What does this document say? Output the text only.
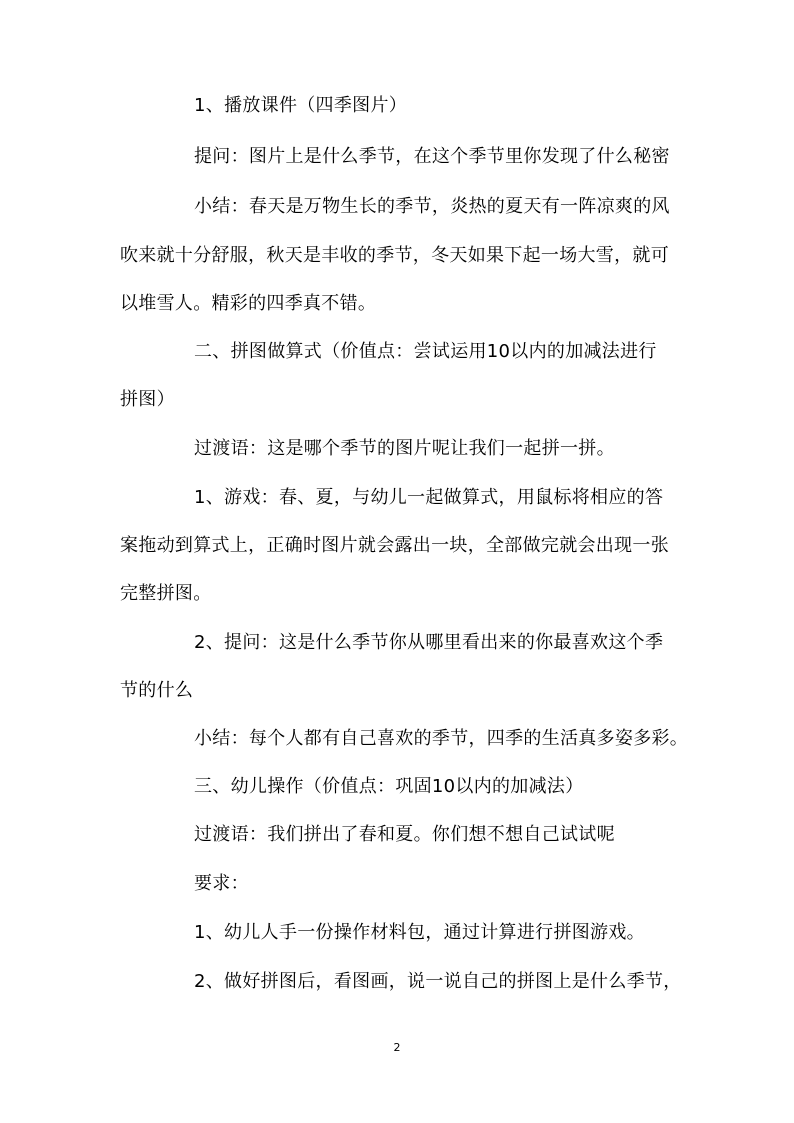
1、播放课件（四季图片）
提问：图片上是什么季节，在这个季节里你发现了什么秘密
小结：春天是万物生长的季节，炎热的夏天有一阵凉爽的风
吹来就十分舒服，秋天是丰收的季节，冬天如果下起一场大雪，就可
以堆雪人。精彩的四季真不错。
二、拼图做算式（价值点：尝试运用10以内的加减法进行
拼图）
过渡语：这是哪个季节的图片呢让我们一起拼一拼。
1、游戏：春、夏，与幼儿一起做算式，用鼠标将相应的答
案拖动到算式上，正确时图片就会露出一块，全部做完就会出现一张
完整拼图。
2、提问：这是什么季节你从哪里看出来的你最喜欢这个季
节的什么
小结：每个人都有自己喜欢的季节，四季的生活真多姿多彩。
三、幼儿操作（价值点：巩固10以内的加减法）
过渡语：我们拼出了春和夏。你们想不想自己试试呢
要求：
1、幼儿人手一份操作材料包，通过计算进行拼图游戏。
2、做好拼图后，看图画，说一说自己的拼图上是什么季节，
2
